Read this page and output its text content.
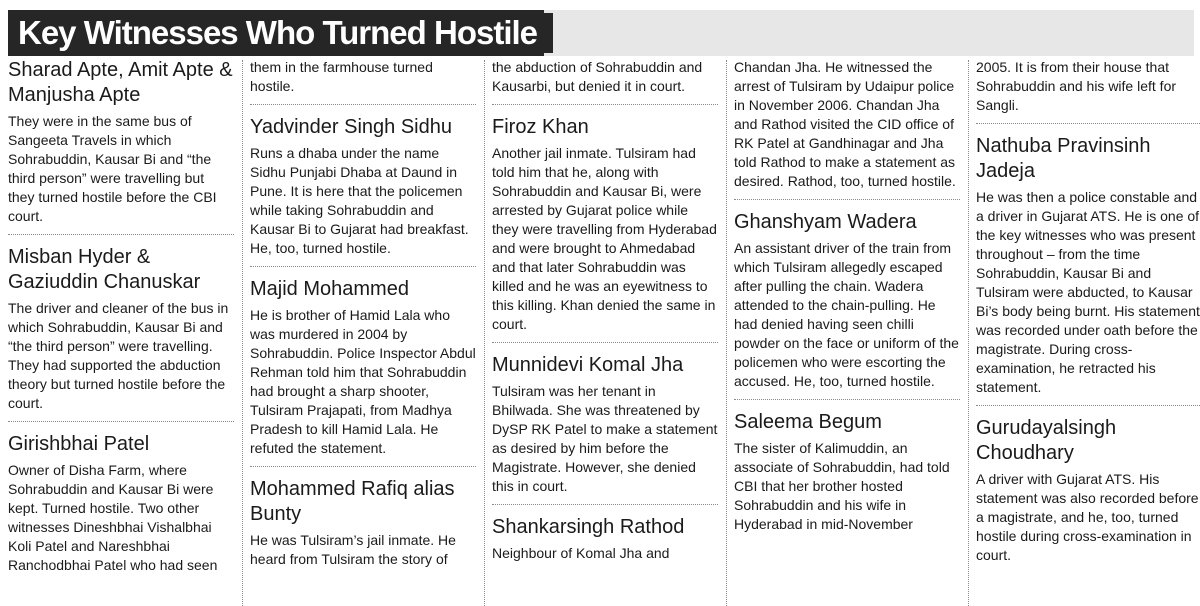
Key Witnesses Who Turned Hostile
Sharad Apte, Amit Apte & Manjusha Apte

They were in the same bus of Sangeeta Travels in which Sohrabuddin, Kausar Bi and “the third person” were travelling but they turned hostile before the CBI court.

Misban Hyder & Gaziuddin Chanuskar

The driver and cleaner of the bus in which Sohrabuddin, Kausar Bi and “the third person” were travelling. They had supported the abduction theory but turned hostile before the court.

Girishbhai Patel

Owner of Disha Farm, where Sohrabuddin and Kausar Bi were kept. Turned hostile. Two other witnesses Dineshbhai Vishalbhai Koli Patel and Nareshbhai Ranchodbhai Patel who had seen

them in the farmhouse turned hostile.

Yadvinder Singh Sidhu

Runs a dhaba under the name Sidhu Punjabi Dhaba at Daund in Pune. It is here that the policemen while taking Sohrabuddin and Kausar Bi to Gujarat had breakfast. He, too, turned hostile.

Majid Mohammed

He is brother of Hamid Lala who was murdered in 2004 by Sohrabuddin. Police Inspector Abdul Rehman told him that Sohrabuddin had brought a sharp shooter, Tulsiram Prajapati, from Madhya Pradesh to kill Hamid Lala. He refuted the statement.

Mohammed Rafiq alias Bunty

He was Tulsiram’s jail inmate. He heard from Tulsiram the story of

the abduction of Sohrabuddin and Kausarbi, but denied it in court.

Firoz Khan

Another jail inmate. Tulsiram had told him that he, along with Sohrabuddin and Kausar Bi, were arrested by Gujarat police while they were travelling from Hyderabad and were brought to Ahmedabad and that later Sohrabuddin was killed and he was an eyewitness to this killing. Khan denied the same in court.

Munnidevi Komal Jha

Tulsiram was her tenant in Bhilwada. She was threatened by DySP RK Patel to make a statement as desired by him before the Magistrate. However, she denied this in court.

Shankarsingh Rathod

Neighbour of Komal Jha and

Chandan Jha. He witnessed the arrest of Tulsiram by Udaipur police in November 2006. Chandan Jha and Rathod visited the CID office of RK Patel at Gandhinagar and Jha told Rathod to make a statement as desired. Rathod, too, turned hostile.

Ghanshyam Wadera

An assistant driver of the train from which Tulsiram allegedly escaped after pulling the chain. Wadera attended to the chain-pulling. He had denied having seen chilli powder on the face or uniform of the policemen who were escorting the accused. He, too, turned hostile.

Saleema Begum

The sister of Kalimuddin, an associate of Sohrabuddin, had told CBI that her brother hosted Sohrabuddin and his wife in Hyderabad in mid-November

2005. It is from their house that Sohrabuddin and his wife left for Sangli.

Nathuba Pravinsinh Jadeja

He was then a police constable and a driver in Gujarat ATS. He is one of the key witnesses who was present throughout – from the time Sohrabuddin, Kausar Bi and Tulsiram were abducted, to Kausar Bi’s body being burnt. His statement was recorded under oath before the magistrate. During cross-examination, he retracted his statement.

Gurudayalsingh Choudhary

A driver with Gujarat ATS. His statement was also recorded before a magistrate, and he, too, turned hostile during cross-examination in court.
